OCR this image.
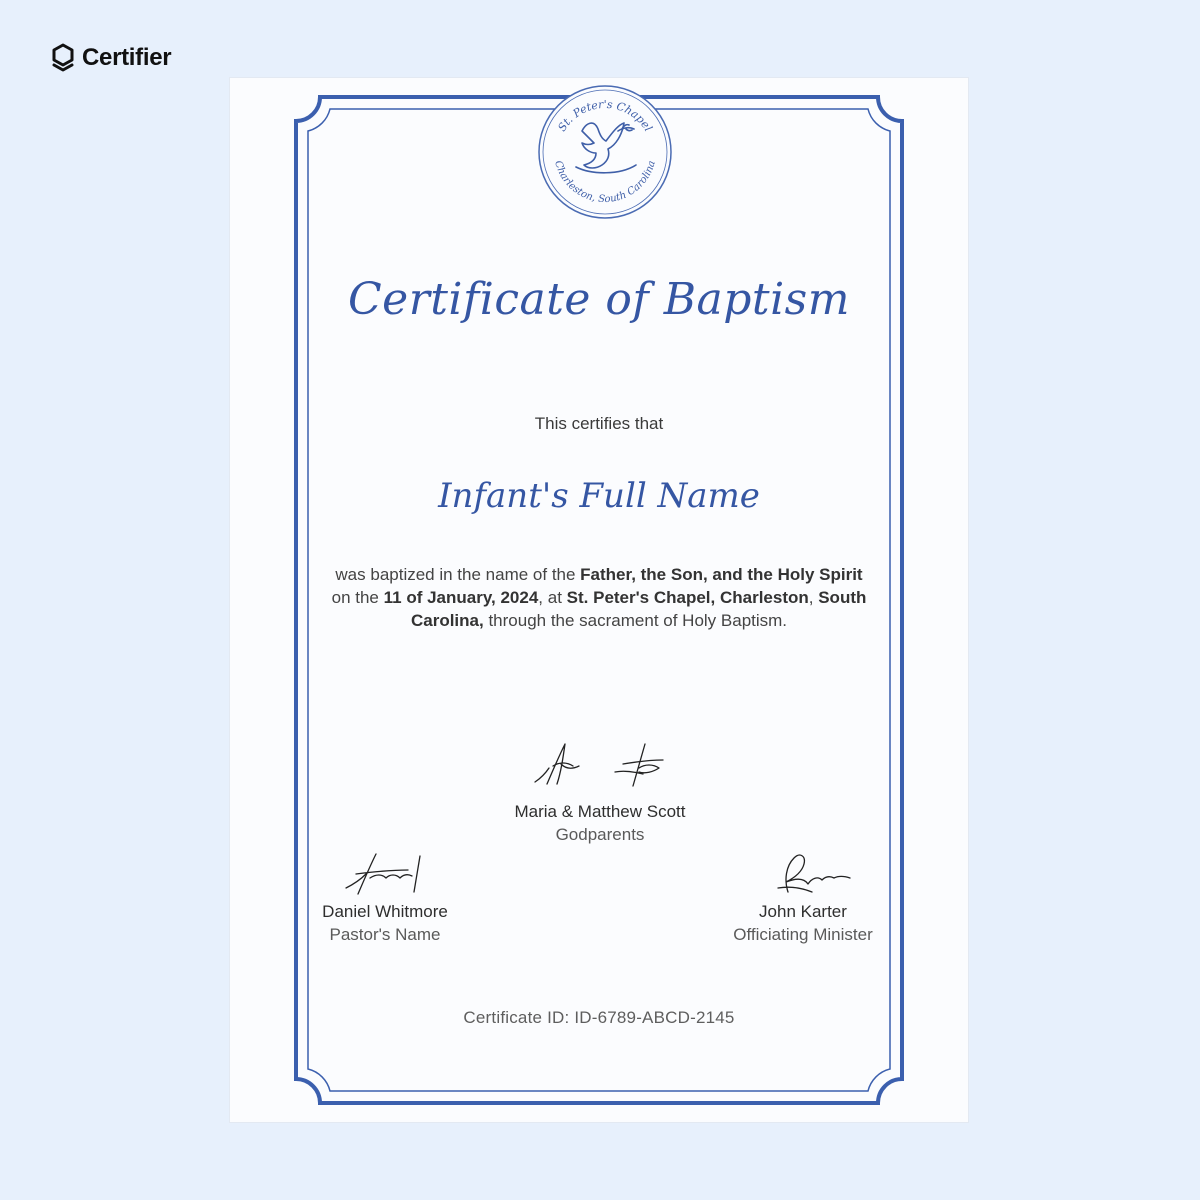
Certifier
St. Peter's Chapel
Charleston, South Carolina
Certificate of Baptism
This certifies that
Infant's Full Name
was baptized in the name of the Father, the Son, and the Holy Spirit on the 11 of January, 2024, at St. Peter's Chapel, Charleston, South Carolina, through the sacrament of Holy Baptism.
Maria & Matthew Scott
Godparents
Daniel Whitmore
Pastor's Name
John Karter
Officiating Minister
Certificate ID: ID-6789-ABCD-2145
